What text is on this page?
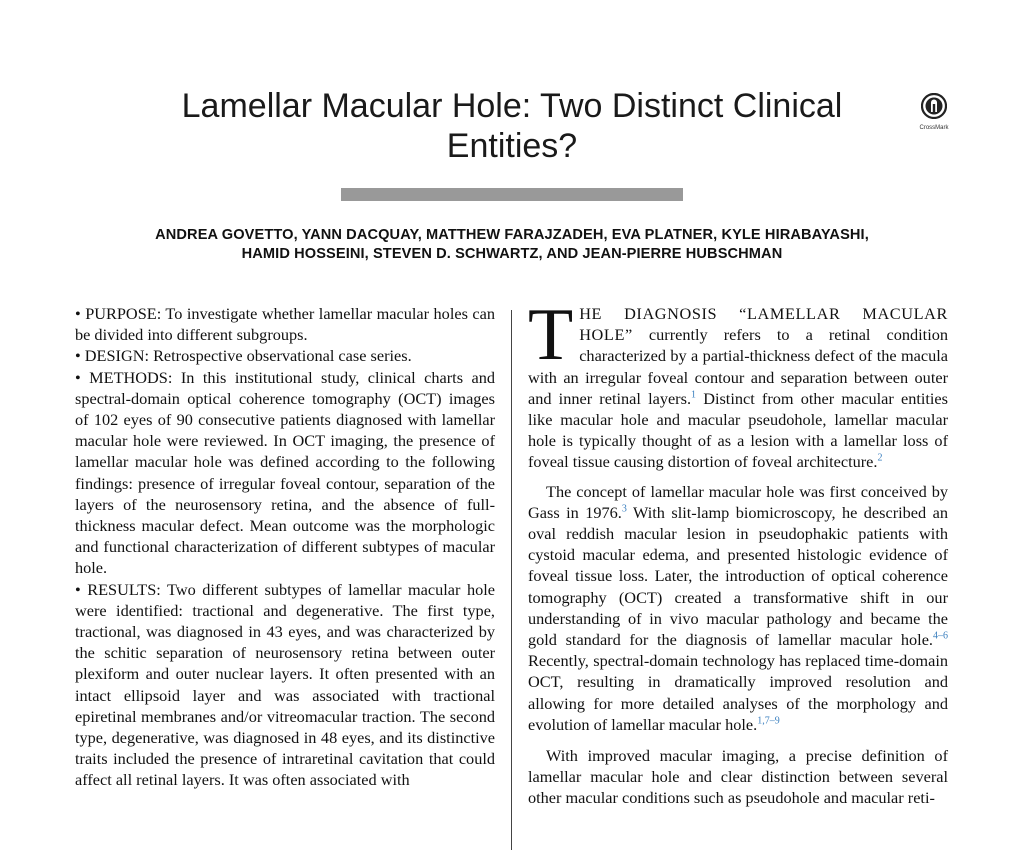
Lamellar Macular Hole: Two Distinct Clinical Entities?	CrossMark
ANDREA GOVETTO, YANN DACQUAY, MATTHEW FARAJZADEH, EVA PLATNER, KYLE HIRABAYASHI,
HAMID HOSSEINI, STEVEN D. SCHWARTZ, AND JEAN-PIERRE HUBSCHMAN

• PURPOSE: To investigate whether lamellar macular holes can be divided into different subgroups.

• DESIGN: Retrospective observational case series.

• METHODS: In this institutional study, clinical charts and spectral-domain optical coherence tomography (OCT) images of 102 eyes of 90 consecutive patients diagnosed with lamellar macular hole were reviewed. In OCT imaging, the presence of lamellar macular hole was defined according to the following findings: presence of irregular foveal contour, separation of the layers of the neurosensory retina, and the absence of full-thickness macular defect. Mean outcome was the morphologic and functional characterization of different subtypes of macular hole.

• RESULTS: Two different subtypes of lamellar macular hole were identified: tractional and degenerative. The first type, tractional, was diagnosed in 43 eyes, and was characterized by the schitic separation of neurosensory retina between outer plexiform and outer nuclear layers. It often presented with an intact ellipsoid layer and was associated with tractional epiretinal membranes and/or vitreomacular traction. The second type, degenerative, was diagnosed in 48 eyes, and its distinctive traits included the presence of intraretinal cavitation that could affect all retinal layers. It was often associated with

THE DIAGNOSIS “LAMELLAR MACULAR HOLE” currently refers to a retinal condition characterized by a partial-thickness defect of the macula with an irregular foveal contour and separation between outer and inner retinal layers.$^1$ Distinct from other macular entities like macular hole and macular pseudohole, lamellar macular hole is typically thought of as a lesion with a lamellar loss of foveal tissue causing distortion of foveal architecture.$^2$

The concept of lamellar macular hole was first conceived by Gass in 1976.$^3$ With slit-lamp biomicroscopy, he described an oval reddish macular lesion in pseudophakic patients with cystoid macular edema, and presented histologic evidence of foveal tissue loss. Later, the introduction of optical coherence tomography (OCT) created a transformative shift in our understanding of in vivo macular pathology and became the gold standard for the diagnosis of lamellar macular hole.$^{4-6}$ Recently, spectral-domain technology has replaced time-domain OCT, resulting in dramatically improved resolution and allowing for more detailed analyses of the morphology and evolution of lamellar macular hole.$^{1,7-9}$

With improved macular imaging, a precise definition of lamellar macular hole and clear distinction between several other macular conditions such as pseudohole and macular reti-
